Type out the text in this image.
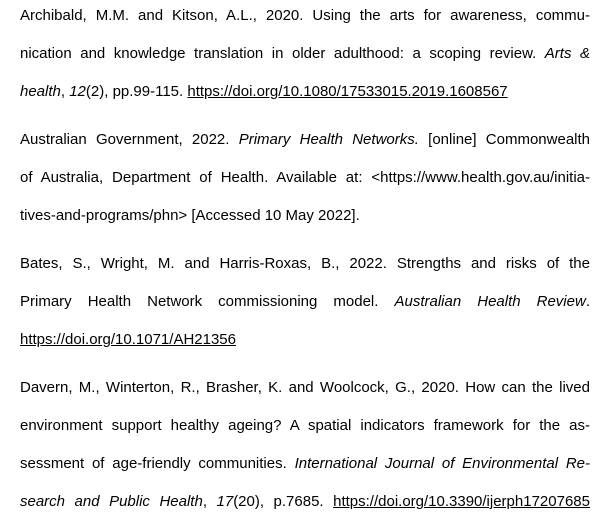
Archibald, M.M. and Kitson, A.L., 2020. Using the arts for awareness, commu-
nication and knowledge translation in older adulthood: a scoping review. Arts &
health, 12(2), pp.99-115. https://doi.org/10.1080/17533015.2019.1608567
Australian Government, 2022. Primary Health Networks. [online] Commonwealth
of Australia, Department of Health. Available at: <https://www.health.gov.au/initia-
tives-and-programs/phn> [Accessed 10 May 2022].
Bates, S., Wright, M. and Harris-Roxas, B., 2022. Strengths and risks of the
Primary Health Network commissioning model. Australian Health Review.
https://doi.org/10.1071/AH21356
Davern, M., Winterton, R., Brasher, K. and Woolcock, G., 2020. How can the lived
environment support healthy ageing? A spatial indicators framework for the as-
sessment of age-friendly communities. International Journal of Environmental Re-
search and Public Health, 17(20), p.7685. https://doi.org/10.3390/ijerph17207685
